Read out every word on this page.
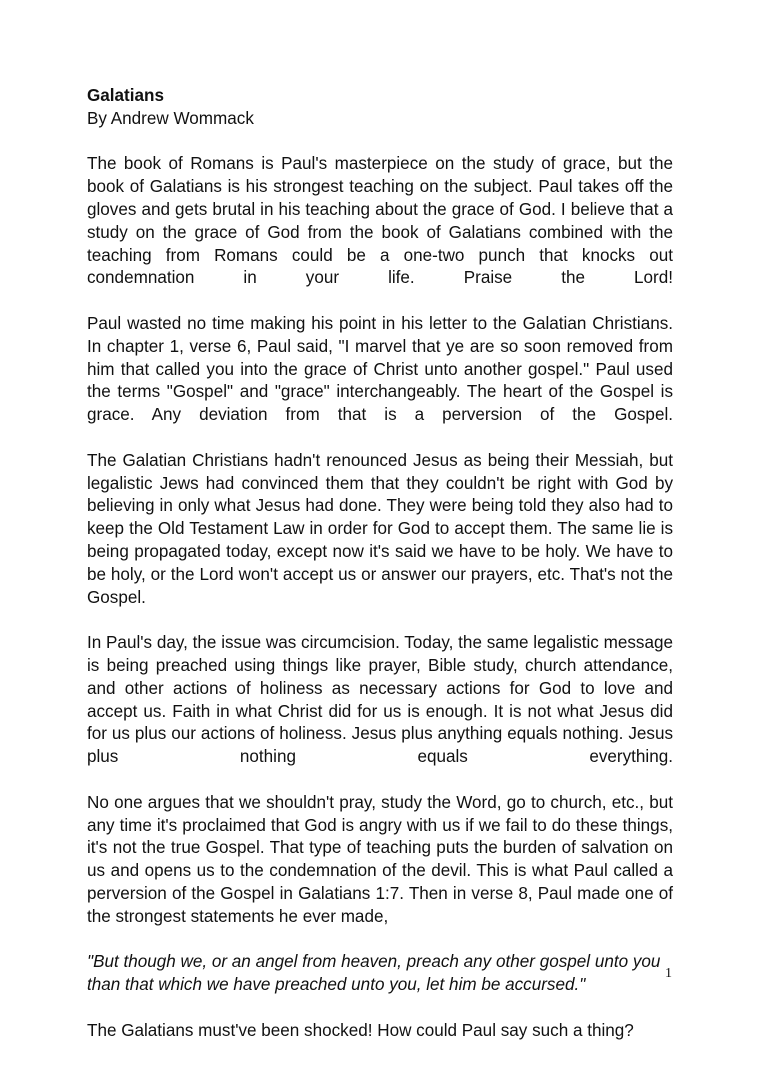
Galatians

By Andrew Wommack

The book of Romans is Paul's masterpiece on the study of grace, but the book of Galatians is his strongest teaching on the subject. Paul takes off the gloves and gets brutal in his teaching about the grace of God. I believe that a study on the grace of God from the book of Galatians combined with the teaching from Romans could be a one-two punch that knocks out condemnation in your life. Praise the Lord!

Paul wasted no time making his point in his letter to the Galatian Christians. In chapter 1, verse 6, Paul said, "I marvel that ye are so soon removed from him that called you into the grace of Christ unto another gospel." Paul used the terms "Gospel" and "grace" interchangeably. The heart of the Gospel is grace. Any deviation from that is a perversion of the Gospel.

The Galatian Christians hadn't renounced Jesus as being their Messiah, but legalistic Jews had convinced them that they couldn't be right with God by believing in only what Jesus had done. They were being told they also had to keep the Old Testament Law in order for God to accept them. The same lie is being propagated today, except now it's said we have to be holy. We have to be holy, or the Lord won't accept us or answer our prayers, etc. That's not the Gospel.

In Paul's day, the issue was circumcision. Today, the same legalistic message is being preached using things like prayer, Bible study, church attendance, and other actions of holiness as necessary actions for God to love and accept us. Faith in what Christ did for us is enough. It is not what Jesus did for us plus our actions of holiness. Jesus plus anything equals nothing. Jesus plus nothing equals everything.

No one argues that we shouldn't pray, study the Word, go to church, etc., but any time it's proclaimed that God is angry with us if we fail to do these things, it's not the true Gospel. That type of teaching puts the burden of salvation on us and opens us to the condemnation of the devil. This is what Paul called a perversion of the Gospel in Galatians 1:7. Then in verse 8, Paul made one of the strongest statements he ever made,

"But though we, or an angel from heaven, preach any other gospel unto you than that which we have preached unto you, let him be accursed."

The Galatians must've been shocked! How could Paul say such a thing?

1
